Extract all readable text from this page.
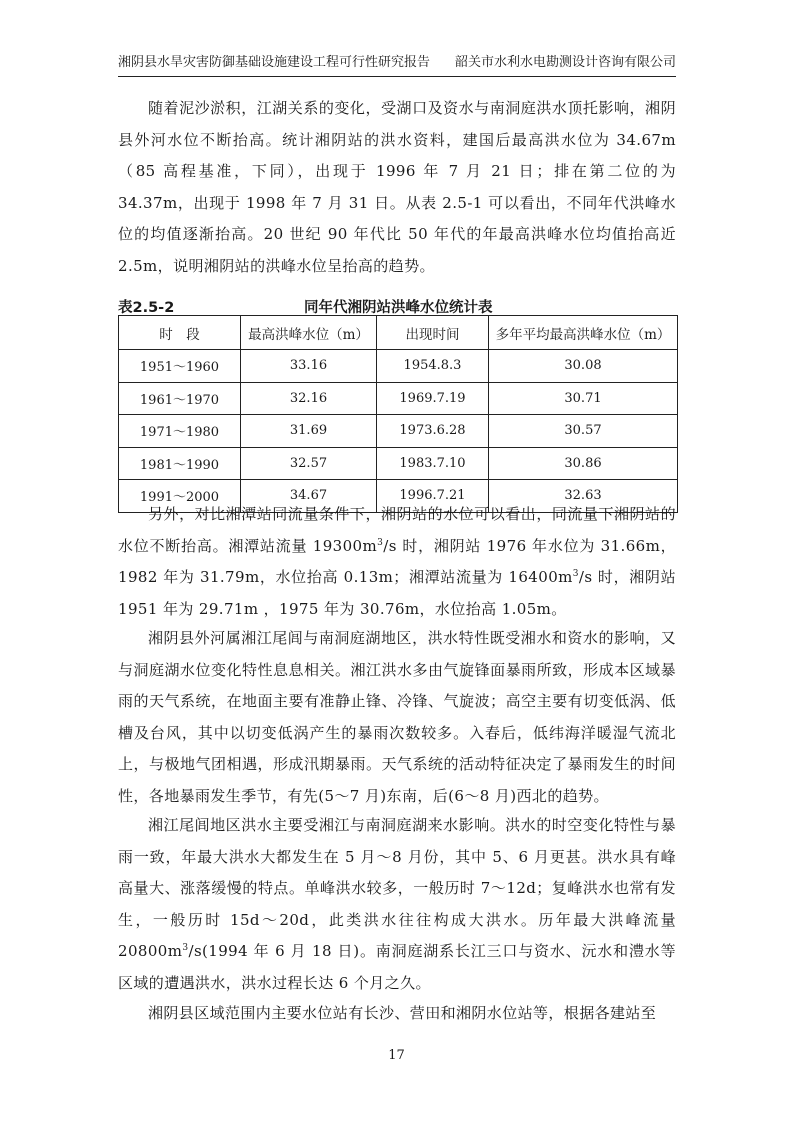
湘阴县水旱灾害防御基础设施建设工程可行性研究报告 韶关市水利水电勘测设计咨询有限公司

随着泥沙淤积，江湖关系的变化，受湖口及资水与南洞庭洪水顶托影响，湘阴县外河水位不断抬高。统计湘阴站的洪水资料，建国后最高洪水位为 34.67m（85 高程基准，下同），出现于 1996 年 7 月 21 日；排在第二位的为 34.37m，出现于 1998 年 7 月 31 日。从表 2.5-1 可以看出，不同年代洪峰水位的均值逐渐抬高。20 世纪 90 年代比 50 年代的年最高洪峰水位均值抬高近 2.5m，说明湘阴站的洪峰水位呈抬高的趋势。

表2.5-2	同年代湘阴站洪峰水位统计表
时　段	最高洪峰水位（m）	出现时间	多年平均最高洪峰水位（m）
1951～1960	33.16	1954.8.3	30.08
1961～1970	32.16	1969.7.19	30.71
1971～1980	31.69	1973.6.28	30.57
1981～1990	32.57	1983.7.10	30.86
1991～2000	34.67	1996.7.21	32.63

另外，对比湘潭站同流量条件下，湘阴站的水位可以看出，同流量下湘阴站的水位不断抬高。湘潭站流量 $19300m^3/s$ 时，湘阴站 1976 年水位为 31.66m，1982 年为 31.79m，水位抬高 0.13m；湘潭站流量为 $16400m^3/s$ 时，湘阴站 1951 年为 29.71m ，1975 年为 30.76m，水位抬高 1.05m。

湘阴县外河属湘江尾闾与南洞庭湖地区，洪水特性既受湘水和资水的影响，又与洞庭湖水位变化特性息息相关。湘江洪水多由气旋锋面暴雨所致，形成本区域暴雨的天气系统，在地面主要有准静止锋、冷锋、气旋波；高空主要有切变低涡、低槽及台风，其中以切变低涡产生的暴雨次数较多。入春后，低纬海洋暖湿气流北上，与极地气团相遇，形成汛期暴雨。天气系统的活动特征决定了暴雨发生的时间性，各地暴雨发生季节，有先(5～7 月)东南，后(6～8 月)西北的趋势。

湘江尾闾地区洪水主要受湘江与南洞庭湖来水影响。洪水的时空变化特性与暴雨一致，年最大洪水大都发生在 5 月～8 月份，其中 5、6 月更甚。洪水具有峰高量大、涨落缓慢的特点。单峰洪水较多，一般历时 7～12d；复峰洪水也常有发生，一般历时 15d～20d，此类洪水往往构成大洪水。历年最大洪峰流量 $20800m^3/s(1994$ 年 6 月 18 日)。南洞庭湖系长江三口与资水、沅水和澧水等区域的遭遇洪水，洪水过程长达 6 个月之久。

湘阴县区域范围内主要水位站有长沙、营田和湘阴水位站等，根据各建站至

17
